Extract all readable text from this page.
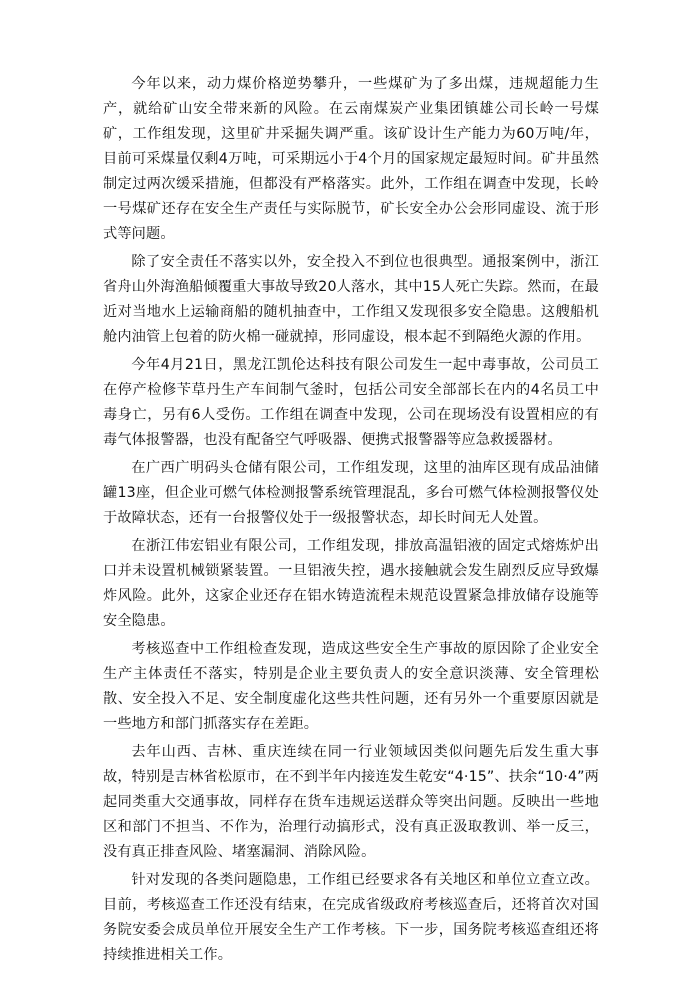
今年以来，动力煤价格逆势攀升，一些煤矿为了多出煤，违规超能力生产，就给矿山安全带来新的风险。在云南煤炭产业集团镇雄公司长岭一号煤矿，工作组发现，这里矿井采掘失调严重。该矿设计生产能力为60万吨/年，目前可采煤量仅剩4万吨，可采期远小于4个月的国家规定最短时间。矿井虽然制定过两次缓采措施，但都没有严格落实。此外，工作组在调查中发现，长岭一号煤矿还存在安全生产责任与实际脱节，矿长安全办公会形同虚设、流于形式等问题。

除了安全责任不落实以外，安全投入不到位也很典型。通报案例中，浙江省舟山外海渔船倾覆重大事故导致20人落水，其中15人死亡失踪。然而，在最近对当地水上运输商船的随机抽查中，工作组又发现很多安全隐患。这艘船机舱内油管上包着的防火棉一碰就掉，形同虚设，根本起不到隔绝火源的作用。

今年4月21日，黑龙江凯伦达科技有限公司发生一起中毒事故，公司员工在停产检修苄草丹生产车间制气釜时，包括公司安全部部长在内的4名员工中毒身亡，另有6人受伤。工作组在调查中发现，公司在现场没有设置相应的有毒气体报警器，也没有配备空气呼吸器、便携式报警器等应急救援器材。

在广西广明码头仓储有限公司，工作组发现，这里的油库区现有成品油储罐13座，但企业可燃气体检测报警系统管理混乱，多台可燃气体检测报警仪处于故障状态，还有一台报警仪处于一级报警状态，却长时间无人处置。

在浙江伟宏铝业有限公司，工作组发现，排放高温铝液的固定式熔炼炉出口并未设置机械锁紧装置。一旦铝液失控，遇水接触就会发生剧烈反应导致爆炸风险。此外，这家企业还存在铝水铸造流程未规范设置紧急排放储存设施等安全隐患。

考核巡查中工作组检查发现，造成这些安全生产事故的原因除了企业安全生产主体责任不落实，特别是企业主要负责人的安全意识淡薄、安全管理松散、安全投入不足、安全制度虚化这些共性问题，还有另外一个重要原因就是一些地方和部门抓落实存在差距。

去年山西、吉林、重庆连续在同一行业领域因类似问题先后发生重大事故，特别是吉林省松原市，在不到半年内接连发生乾安“4·15”、扶余“10·4”两起同类重大交通事故，同样存在货车违规运送群众等突出问题。反映出一些地区和部门不担当、不作为，治理行动搞形式，没有真正汲取教训、举一反三，没有真正排查风险、堵塞漏洞、消除风险。

针对发现的各类问题隐患，工作组已经要求各有关地区和单位立查立改。目前，考核巡查工作还没有结束，在完成省级政府考核巡查后，还将首次对国务院安委会成员单位开展安全生产工作考核。下一步，国务院考核巡查组还将持续推进相关工作。
